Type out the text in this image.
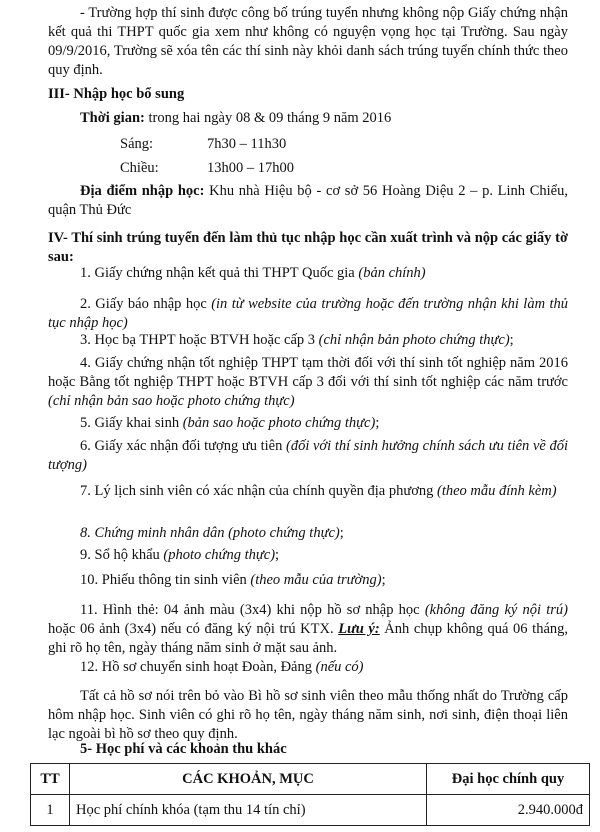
- Trường hợp thí sinh được công bố trúng tuyển nhưng không nộp Giấy chứng nhận kết quả thi THPT quốc gia xem như không có nguyện vọng học tại Trường. Sau ngày 09/9/2016, Trường sẽ xóa tên các thí sinh này khỏi danh sách trúng tuyển chính thức theo quy định.

III- Nhập học bổ sung

Thời gian: trong hai ngày 08 & 09 tháng 9 năm 2016

Sáng:	7h30 – 11h30

Chiều:	13h00 – 17h00

Địa điểm nhập học: Khu nhà Hiệu bộ - cơ sở 56 Hoàng Diệu 2 – p. Linh Chiểu, quận Thủ Đức

IV- Thí sinh trúng tuyển đến làm thủ tục nhập học cần xuất trình và nộp các giấy tờ sau:

1. Giấy chứng nhận kết quả thi THPT Quốc gia (bản chính)

2. Giấy báo nhập học (in từ website của trường hoặc đến trường nhận khi làm thủ tục nhập học)

3. Học bạ THPT hoặc BTVH hoặc cấp 3 (chỉ nhận bản photo chứng thực);

4. Giấy chứng nhận tốt nghiệp THPT tạm thời đối với thí sinh tốt nghiệp năm 2016 hoặc Bằng tốt nghiệp THPT hoặc BTVH cấp 3 đối với thí sinh tốt nghiệp các năm trước (chỉ nhận bản sao hoặc photo chứng thực)

5. Giấy khai sinh (bản sao hoặc photo chứng thực);

6. Giấy xác nhận đối tượng ưu tiên (đối với thí sinh hưởng chính sách ưu tiên về đối tượng)

7. Lý lịch sinh viên có xác nhận của chính quyền địa phương (theo mẫu đính kèm)

8. Chứng minh nhân dân (photo chứng thực);

9. Sổ hộ khẩu (photo chứng thực);

10. Phiếu thông tin sinh viên (theo mẫu của trường);

11. Hình thẻ: 04 ảnh màu (3x4) khi nộp hồ sơ nhập học (không đăng ký nội trú) hoặc 06 ảnh (3x4) nếu có đăng ký nội trú KTX. Lưu ý: Ảnh chụp không quá 06 tháng, ghi rõ họ tên, ngày tháng năm sinh ở mặt sau ảnh.

12. Hồ sơ chuyển sinh hoạt Đoàn, Đảng (nếu có)

Tất cả hồ sơ nói trên bỏ vào Bì hồ sơ sinh viên theo mẫu thống nhất do Trường cấp hôm nhập học. Sinh viên có ghi rõ họ tên, ngày tháng năm sinh, nơi sinh, điện thoại liên lạc ngoài bì hồ sơ theo quy định.

5- Học phí và các khoản thu khác

TT	CÁC KHOẢN, MỤC	Đại học chính quy
1	Học phí chính khóa (tạm thu 14 tín chỉ)	2.940.000đ
